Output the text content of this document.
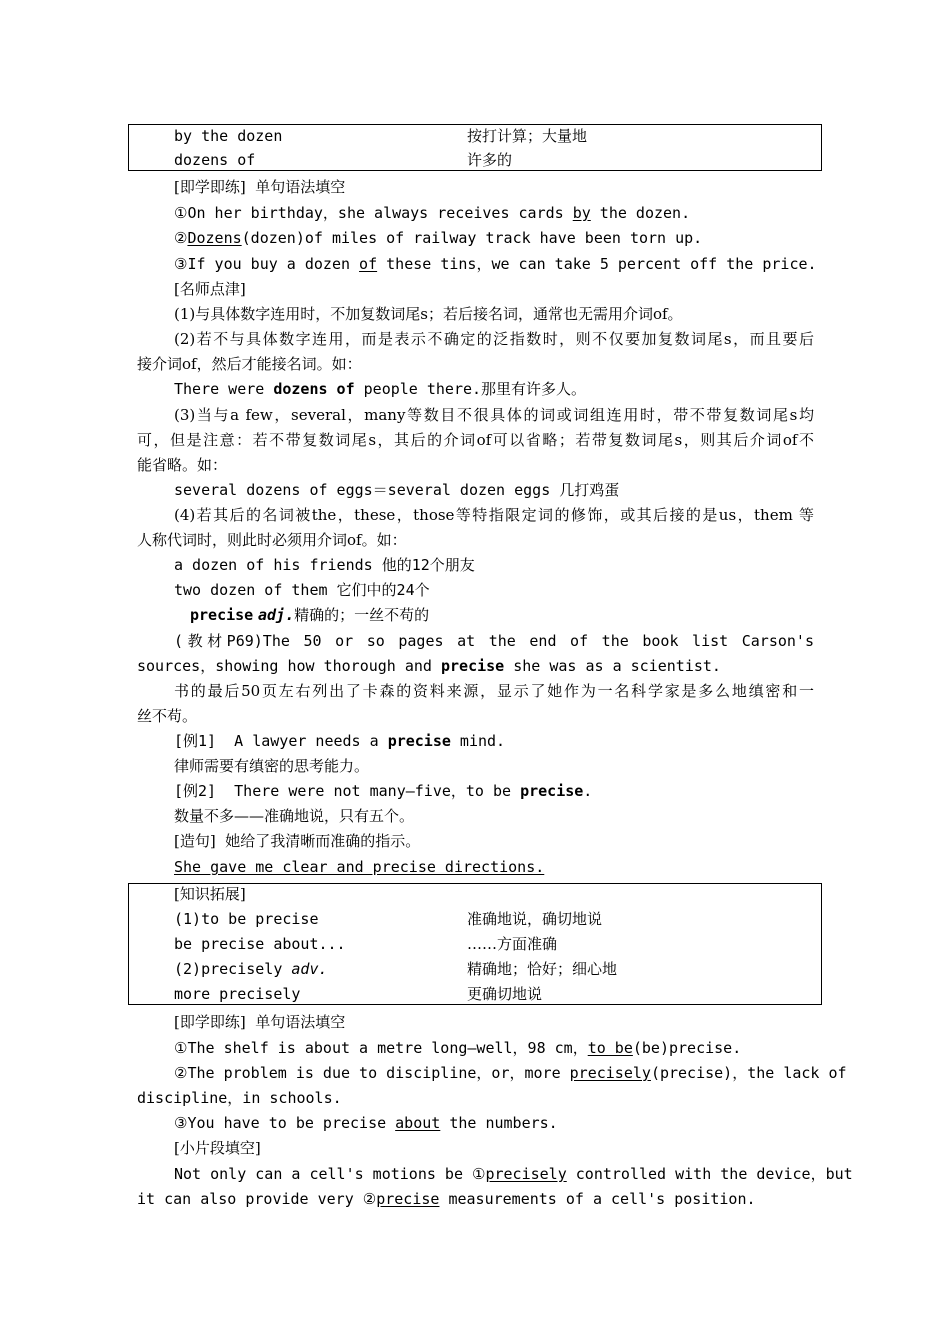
by the dozen	按打计算；大量地
dozens of	许多的
[即学即练]  单句语法填空
①On her birthday，she always receives cards by the dozen.
②Dozens(dozen)of miles of railway track have been torn up.
③If you buy a dozen of these tins，we can take 5 percent off the price.
[名师点津]
(1)与具体数字连用时，不加复数词尾s；若后接名词，通常也无需用介词of。
(2)若不与具体数字连用，而是表示不确定的泛指数时，则不仅要加复数词尾s，而且要后
接介词of，然后才能接名词。如：
There were dozens of people there.那里有许多人。
(3)当与a few，several，many等数目不很具体的词或词组连用时，带不带复数词尾s均
可，但是注意：若不带复数词尾s，其后的介词of可以省略；若带复数词尾s，则其后介词of不
能省略。如：
several dozens of eggs＝several dozen eggs 几打鸡蛋
(4)若其后的名词被the，these，those等特指限定词的修饰，或其后接的是us，them 等
人称代词时，则此时必须用介词of。如：
a dozen of his friends 他的12个朋友
two dozen of them 它们中的24个
precise adj.精确的；一丝不苟的
(教材P69)The 50 or so pages at the end of the book list Carson's
sources，showing how thorough and precise she was as a scientist.
书的最后50页左右列出了卡森的资料来源，显示了她作为一名科学家是多么地缜密和一
丝不苟。
[例1]  A lawyer needs a precise mind.
律师需要有缜密的思考能力。
[例2]  There were not many—five，to be precise.
数量不多——准确地说，只有五个。
[造句]  她给了我清晰而准确的指示。
She gave me clear and precise directions.
[知识拓展]
(1)to be precise	准确地说，确切地说
be precise about...	……方面准确
(2)precisely adv.	精确地；恰好；细心地
more precisely	更确切地说
[即学即练]  单句语法填空
①The shelf is about a metre long—well，98 cm，to be(be)precise.
②The problem is due to discipline，or，more precisely(precise)，the lack of
discipline，in schools.
③You have to be precise about the numbers.
[小片段填空]
Not only can a cell's motions be ①precisely controlled with the device，but
it can also provide very ②precise measurements of a cell's position.
